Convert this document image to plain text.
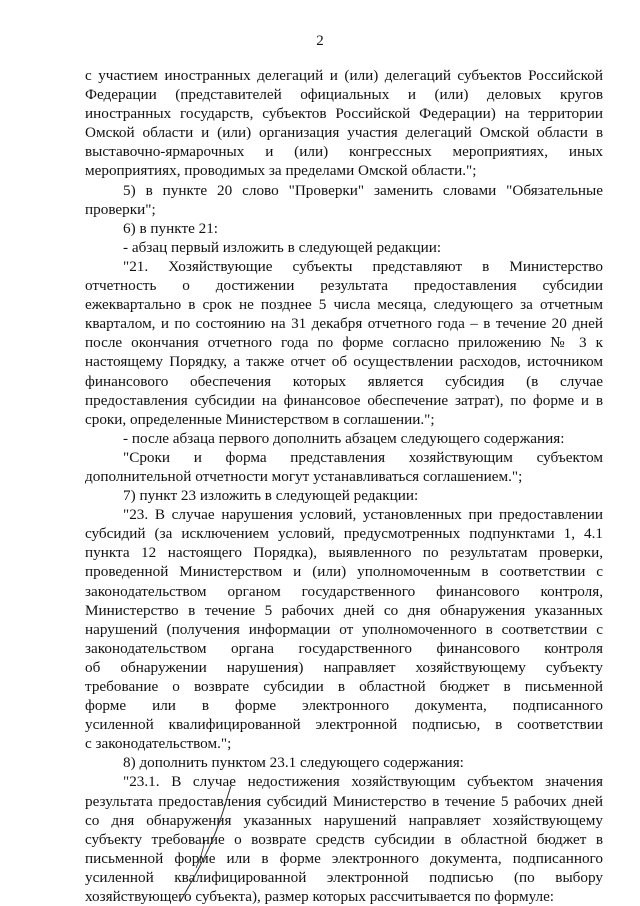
2
с участием иностранных делегаций и (или) делегаций субъектов Российской
Федерации (представителей официальных и (или) деловых кругов
иностранных государств, субъектов Российской Федерации) на территории
Омской области и (или) организация участия делегаций Омской области в
выставочно-ярмарочных и (или) конгрессных мероприятиях, иных
мероприятиях, проводимых за пределами Омской области.";
5) в пункте 20 слово "Проверки" заменить словами "Обязательные
проверки";
6) в пункте 21:
- абзац первый изложить в следующей редакции:
"21. Хозяйствующие субъекты представляют в Министерство
отчетность о достижении результата предоставления субсидии
ежеквартально в срок не позднее 5 числа месяца, следующего за отчетным
кварталом, и по состоянию на 31 декабря отчетного года – в течение 20 дней
после окончания отчетного года по форме согласно приложению № 3 к
настоящему Порядку, а также отчет об осуществлении расходов, источником
финансового обеспечения которых является субсидия (в случае
предоставления субсидии на финансовое обеспечение затрат), по форме и в
сроки, определенные Министерством в соглашении.";
- после абзаца первого дополнить абзацем следующего содержания:
"Сроки и форма представления хозяйствующим субъектом
дополнительной отчетности могут устанавливаться соглашением.";
7) пункт 23 изложить в следующей редакции:
"23. В случае нарушения условий, установленных при предоставлении
субсидий (за исключением условий, предусмотренных подпунктами 1, 4.1
пункта 12 настоящего Порядка), выявленного по результатам проверки,
проведенной Министерством и (или) уполномоченным в соответствии с
законодательством органом государственного финансового контроля,
Министерство в течение 5 рабочих дней со дня обнаружения указанных
нарушений (получения информации от уполномоченного в соответствии с
законодательством органа государственного финансового контроля
об обнаружении нарушения) направляет хозяйствующему субъекту
требование о возврате субсидии в областной бюджет в письменной
форме или в форме электронного документа, подписанного
усиленной квалифицированной электронной подписью, в соответствии
с законодательством.";
8) дополнить пунктом 23.1 следующего содержания:
"23.1. В случае недостижения хозяйствующим субъектом значения
результата предоставления субсидий Министерство в течение 5 рабочих дней
со дня обнаружения указанных нарушений направляет хозяйствующему
субъекту требование о возврате средств субсидии в областной бюджет в
письменной форме или в форме электронного документа, подписанного
усиленной квалифицированной электронной подписью (по выбору
хозяйствующего субъекта), размер которых рассчитывается по формуле:
